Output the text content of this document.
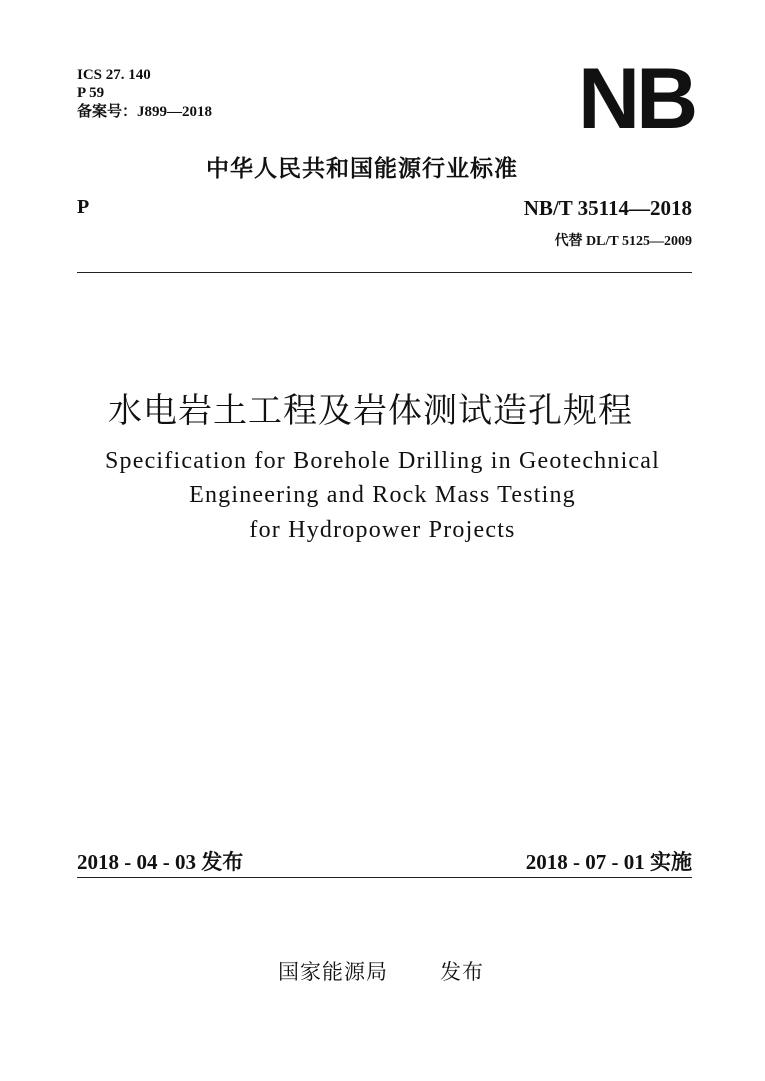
ICS 27. 140
P 59
备案号：J899—2018	NB
中华人民共和国能源行业标准
P	NB/T 35114—2018
代替 DL/T 5125—2009
水电岩土工程及岩体测试造孔规程
Specification for Borehole Drilling in Geotechnical
Engineering and Rock Mass Testing
for Hydropower Projects
2018 - 04 - 03 发布	2018 - 07 - 01 实施
国家能源局 发布
